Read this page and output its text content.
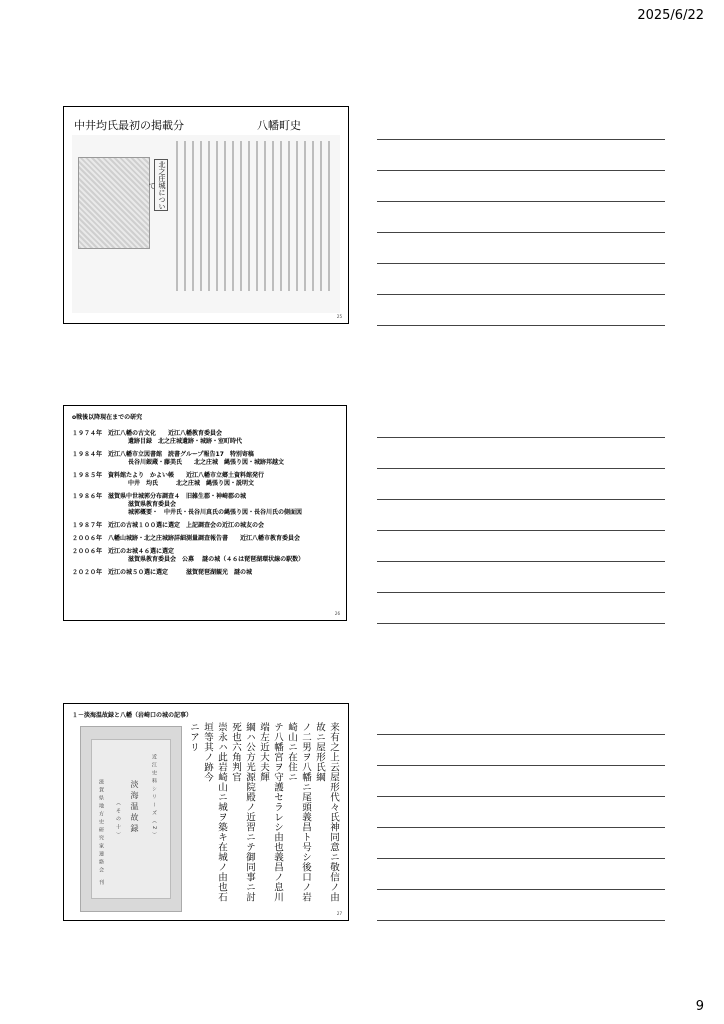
2025/6/22
中井均氏最初の掲載分	八幡町史
北之庄城について
25
o戦後以降現在までの研究
１９７４年　近江八幡の古文化　　近江八幡教育委員会
遺跡目録　北之庄城遺跡・城跡・室町時代
１９８４年　近江八幡市立図書館　読書グループ報告17　特別寄稿
長谷川銀蔵・藤美氏　　北之庄城　縄張り図・城跡邦越文
１９８５年　資料館たより　かよい帳　　近江八幡市立郷土資料館発行
中井　均氏　　　北之庄城　縄張り図・説明文
１９８６年　滋賀県中世城郭分布調査４　旧雑生郡・神崎郡の城
滋賀県教育委員会
城郭概要・　中井氏・長谷川真氏の縄張り図・長谷川氏の側面図
１９８７年　近江の古城１００選に選定　上記調査会の近江の城友の会
２００６年　八幡山城跡・北之庄城跡詳細測量調査報告書　　近江八幡市教育委員会
２００６年　近江のお城４６選に選定
滋賀県教育委員会　公募　 謎の城（４６は琵琶湖環状線の駅数）
２０２０年　近江の城５０選に選定　　　滋賀琵琶湖観光　謎の城
26
１－淡海温故録と八幡（岩崎口の城の記事）
近江史料シリーズ（2）
淡海温故録
（その十）
滋賀県地方史研究家連絡会 刊	来有之上云屋形代々氏神同意ニ敬信ノ由故ニ屋形氏綱
ノ二男ヲ八幡ニ尾頭義昌ト号シ後口ノ岩崎山ニ在住ニ
テ八幡宮ヲ守護セラレシ由也義昌ノ息川端左近大夫輝
綱ハ公方光源院殿ノ近習ニテ御同事ニ討死也六角判官
崇永ハ此岩崎山ニ城ヲ築キ在城ノ由也石垣等其ノ跡今
ニアリ
27
9
